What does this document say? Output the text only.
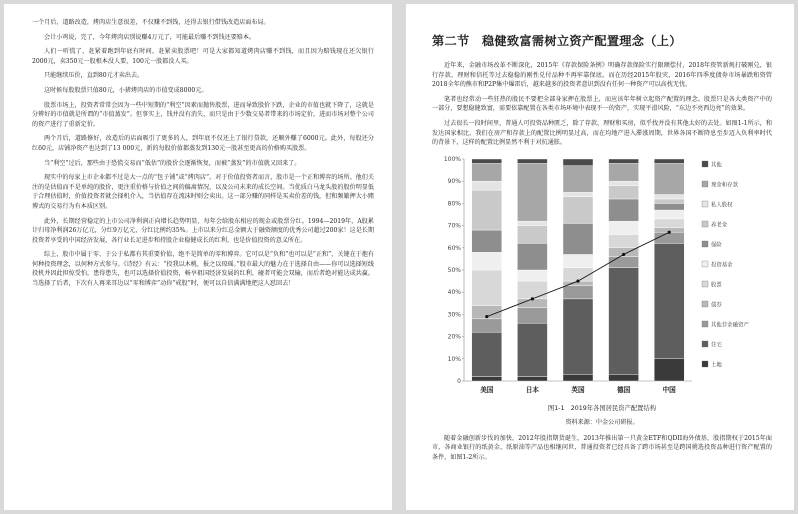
一个月后，道路改造，烤肉店生意很差，不仅赚不到钱，还得去银行借钱改造店面布局。

会计小鸡说，完了，今年烤肉店别说赚4万元了，可能最后赚不到钱还要赔本。

人们一听慌了，赶紧着跑到年底有时间，赶紧卖股票吧！可是大家都知道烤肉店赚不到钱，而且因为赔钱现在还欠银行2000元，卖350元一股根本没人要，100元一股都没人买。

只能继续压价，直到80元才卖出去。

这时候每股股票只值80元，小猪烤肉店的市值变成8000元。

股票市场上，投资者常常会因为一些中短期的“利空”因素而抛售股票，进而导致股价下跌，企业的市值也就下降了，这就是分辨好的市值就是所谓的“市值蒸发”。但事实上，钱并没有消失，而只是由于少数交易者带来的市场定价，进而市场对整个公司的资产进行了重新定价。

两个月后，道路修好，改造后的店面吸引了更多的人，到年底不仅还上了银行贷款，还顺外赚了6000元。此外，每股还分红60元，店铺净资产也达到了13 000元，新的每股价值都蒸发到130元一股甚至更高的价格购买股票。

当“利空”过后，那些由于恐慌交易而“低估”的股价会逐渐恢复，而被“蒸发”的市值就又回来了。

现实中的每家上市企业都不过是大一点的“包子铺”或“烤肉店”。对于价值投资者而言，股市是一个正和博弈的场所。他们关注的是估值而不是单纯的股价，更注重价格与价值之间的偏离情况，以及公司未来的成长空间。当优质白马龙头股的股价明显低于合理估值时，价值投资者就会择机介入，当估值存在流沫时则会卖出。这一部分赚的同样是买卖价差的钱，但和频繁押大小赌博式的交易行为有本质区别。

此外，长期经营稳定的上市公司净利润正向增长趋势明显，每年会给股东相应的现金或股票分红。1994—2019年，A股累计归母净利润26万亿元，分红9万亿元，分红比例约35%。上市以来分红总金额大于融资额度的优秀公司超过200家！这是长期投资者享受的中国经济发展，各行业长足进步和持股企业稳健成长的红利，也是价值投资的意义所在。

综上，股市中属于零、于公于私都有其重要价值，绝不是简单的零和博弈。它可以是“负和”也可以是“正和”，关键在于抱有何种投资理念，以何种方式参与。《诗经》有云：“投我以木桃，报之以琼瑶。”股市最大的魅力在于选择自由——你可以选择短线投机并因此担惊受怕，患得患失，也可以选择价值投资，畅享祖国经济发展的红利，碰者可能会双输，而后者绝对能达成共赢。当选择了后者，下次有人再来耳边以“零和博弈”动你“戒股”时，便可以自信满满地把这人怼回去！

第二节　稳健致富需树立资产配置理念（上）

近年来，金融市场改革不断深化，2015年《存款保险条例》明确存款保险实行限额偿付，2018年资管新规打破刚兑，银行存款、理财和信托等过去稳稳的刚性兑付品种不再牢靠保底。而在历经2015年股灾，2016年四季度债券市场暴跌和资管2018全年的熊市和P2P集中爆雷后，越来越多的投资者意识到没有任何一种资产可以高枕无忧。

笔者也经常动一些狂热的股民不要把全部身家押在股票上，而应该年年树立起资产配置的理念。股票只是各大类资产中的一部分，要想稳健致富，需要依靠配置在各类市场环境中表现不一的资产，实现平滑风险，“东边不亮西边亮”的效果。

过去很长一段时间里，普通人可投资品种匮乏，除了存款、理财和买房，似乎找并没有其他太好的去处。如图1-1所示，和发达国家相比，我们在房产和存款上的配置比例明显过高，而在均地产进入滞涨周期，世界各国不断降息至步迈入负利率时代的背景下，这样的配置比例显然不利于对抗通胀。

0
10%
20%
30%
40%
50%
60%
70%
80%
90%
100%
美国	日本	英国	德国	中国
其他
现金和存款
私人股权
养老金
保险
投资基金
股票
债券
其他非金融资产
住宅
土地

图1-1　2019年各国居民资产配置结构

资料来源：中金公司研报。

随着金融创新步伐的加快，2012年股指期货诞生，2013年推出第一只黄金ETF和QDII海外债基，股指期权于2015年面市，各商业银行的纸黄金、纸原油等产品也相继问世，普通投资者已经具备了跨市场甚至是跨国挑选投资品种进行资产配置的条件，如图1-2所示。
